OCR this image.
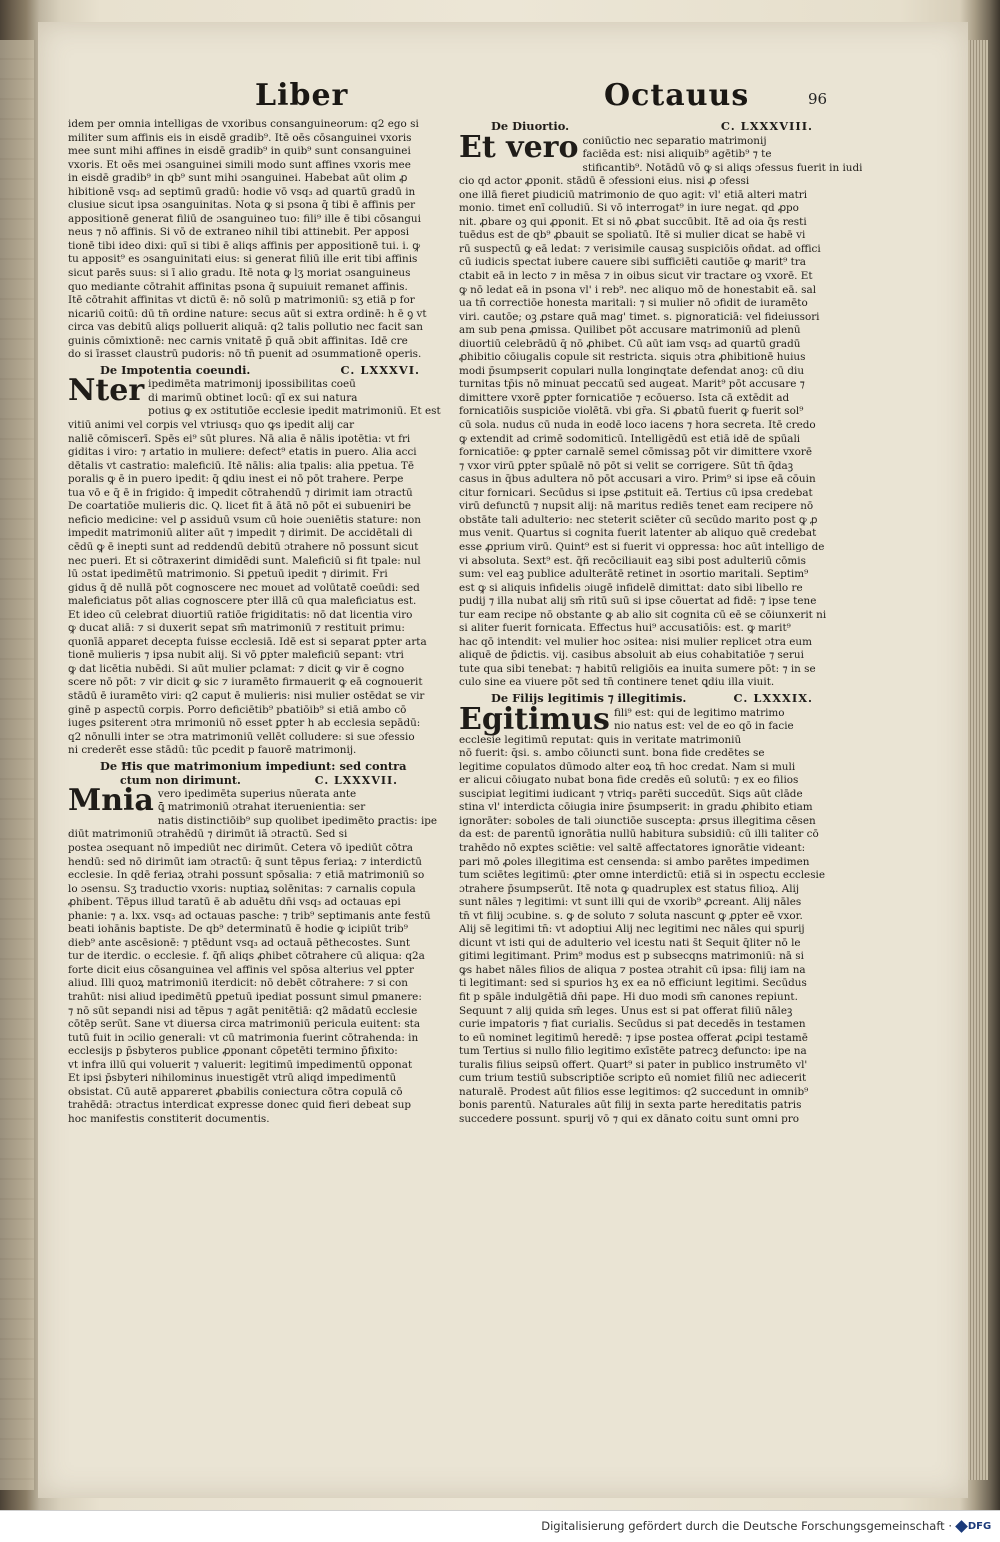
Liber	Octauus	96
idem per omnia intelligas de vxoribus consanguineorum: q2 ego si
militer sum affinis eis in eisdē gradib⁹. Itē oēs cōsanguinei vxoris
mee sunt mihi affines in eisdē gradib⁹ in quib⁹ sunt consanguinei
vxoris. Et oēs mei ɔsanguinei simili modo sunt affines vxoris mee
in eisdē gradib⁹ in qb⁹ sunt mihi ɔsanguinei. Habebat aūt olim ꝓ
hibitionē vsq₃ ad septimū gradū: hodie vō vsq₃ ad quartū gradū in
clusiue sicut ipsa ɔsanguinitas. Nota ꝙ si psona q̄ tibi ē affinis per
appositionē generat filiū de ɔsanguineo tuo: fili⁹ ille ē tibi cōsangui
neus ⁊ nō affinis. Si vō de extraneo nihil tibi attinebit. Per apposi
tionē tibi ideo dixi: quī si tibi ē aliqs affinis per appositionē tui. i. ꝙ
tu apposit⁹ es ɔsanguinitati eius: si generat filiū ille erit tibi affinis
sicut parēs suus: si ī alio gradu. Itē nota ꝙ lʒ moriat̄ ɔsanguineus
quo mediante cōtrahit̄ affinitas psona q̄ supuiuit remanet affinis.
Itē cōtrahit̄ affinitas vt dictū ē: nō solū p matrimoniū: sʒ etiā p for
nicariū coitū: dū tn̄ ordine nature: secus aūt si extra ordinē: h̄ ē ꝯ vt
circa vas debitū aliqs polluerit aliquā: q2 talis pollutio nec facit san
guinis cōmixtionē: nec carnis vnitatē p̄ quā ɔbit̄ affinitas. Idē cre
do si īrasset claustrū pudoris: nō tn̄ puenit ad ɔsummationē operis.
De Impotentia coeundi.	C. LXXXVI.
Nter ipedimēta matrimonij ipossibilitas coeū
di marimū obtinet locū: qī ex sui natura
potius ꝙ ex ɔstitutiōe ecclesie ipedit matrimoniū. Et est
vitiū animi vel corpis vel vtriusq₃ quo ꝙs ipedit̄ alij car
naliē cōmiscerī. Spēs ei⁹ sūt plures. Nā alia ē nālis ipotētia: vt fri
giditas i viro: ⁊ artatio in muliere: defect⁹ etatis in puero. Alia acci
dētalis vt castratio: maleficiū. Itē nālis: alia tpalis: alia ppetua. Tē
poralis ꝙ ē in puero ipedit: q̄ ꝗdiu inest ei nō pōt trahere. Perpe
tua vō e q̄ ē in frigido: q̄ impedit cōtrahendū ⁊ dirimit iam ɔtractū
De coartatiōe mulieris dic. Q. licet fit ā ātā nō pōt ei subueniri be
neficio medicine: vel ꝑ assiduū vsum cū hoie ɔueniētis stature: non
impedit matrimoniū aliter aūt ⁊ impedit ⁊ dirimit. De accidētali di
cēdū ꝙ ē inepti sunt ad reddendū debitū ɔtrahere nō possunt sicut
nec pueri. Et si cōtraxerint dimidēdi sunt. Maleficiū si fit tpale: nul
lū ɔstat ipedimētū matrimonio. Si ꝑpetuū ipedit ⁊ dirimit. Fri
gidus q̄ dē nullā pōt cognoscere nec mouet ad volūtatē coeūdi: sed
maleficiatus pōt alias cognoscere pter illā cū qua maleficiatus est.
Et ideo cū celebrat̄ diuortiū ratiōe frigiditatis: nō dat licentia viro
ꝙ ducat aliā: ⁊ si duxerit sepat̄ sm̄ matrimoniū ⁊ restituit̄ primu:
quonīā apparet decepta fuisse ecclesiā. Idē est si separat̄ ꝑpter arta
tionē mulieris ⁊ ipsa nubit alij. Si vō ꝑpter maleficiū sepant̄: vtri
ꝙ dat̄ licētia nubēdi. Si aūt mulier pclamat: ⁊ dicit ꝙ vir ē cogno
scere nō pōt: ⁊ vir dicit ꝙ sic ⁊ iuramēto firmauerit ꝙ eā cognouerit
stādū ē iuramēto viri: q2 caput ē mulieris: nisi mulier ostēdat se vir
ginē p aspectū corpis. Porro deficiētib⁹ pbatiōib⁹ si etiā ambo cō
iuges ꝑsiterent ɔtra mrimoniū nō esset ꝑpter h̄ ab ecclesia sepādū:
q2 nōnulli inter se ɔtra matrimoniū vellēt colludere: si sue ɔfessio
ni crederēt esse stādū: tūc pcedit̄ p fauorē matrimonij.
De Ħis que matrimonium impediunt: sed contra
ctum non dirimunt.	C. LXXXVII.
Mnia vero ipedimēta superius nūerata ante
ꝗ̄ matrimoniū ɔtrahat̄ iteruenientia: ser
natis distinctiōib⁹ sup quolibet ipedimēto ꝑractis: ipe
diūt matrimoniū ɔtrahēdū ⁊ dirimūt iā ɔtractū. Sed si
postea ɔsequant̄ nō impediūt nec dirimūt. Cetera vō ipediūt cōtra
hendū: sed nō dirimūt iam ɔtractū: q̄ sunt tēpus feriaꝝ: ⁊ interdictū
ecclesie. In qdē feriaꝝ ɔtrahi possunt spōsalia: ⁊ etiā matrimoniū so
lo ɔsensu. Sʒ traductio vxoris: nuptiaꝝ solēnitas: ⁊ carnalis copula
ꝓhibent̄. Tēpus illud taratū ē ab aduētu dn̄i vsq₃ ad octauas epi
phanie: ⁊ a. lxx. vsq₃ ad octauas pasche: ⁊ trib⁹ septimanis ante festū
beati iohānis baptiste. De qb⁹ determinatū ē hodie ꝙ icipiūt trib⁹
dieb⁹ ante ascēsionē: ⁊ ptēdunt̄ vsq₃ ad octauā pēthecostes. Sunt
tur de iterdic. o ecclesie. f. q̄ñ aliqs ꝓhibet cōtrahere cū aliqua: q2a
forte dicit eius cōsanguinea vel affinis vel spōsa alterius vel ꝑpter
aliud. Illi quoꝝ matrimoniū iterdicit̄: nō debēt cōtrahere: ⁊ si con
trahūt: nisi aliud ipedimētū ꝑpetuū ipediat possunt simul ꝑmanere:
⁊ nō sūt sepandi nisi ad tēpus ⁊ agāt penitētiā: q2 mādatū ecclesie
cōtēp serūt. Sane vt diuersa circa matrimoniū pericula euitent̄: sta
tutū fuit in ɔcilio generali: vt cū matrimonia fuerint cōtrahenda: in
ecclesijs p p̄sbyteros publice ꝓponant̄ cōpetēti termino p̄fixito:
vt infra illū qui voluerit ⁊ valuerit: legitimū impedimentū opponat
Et ipsi p̄sbyteri nihilominus inuestigēt vtrū aliqd impedimentū
obsistat. Cū autē appareret ꝓbabilis coniectura cōtra copulā cō
trahēdā: ɔtractus interdicat̄ expresse donec quid fieri debeat sup
hoc manifestis constiterit documentis.
De Diuortio.	C. LXXXVIII.
Et vero coniūctio nec separatio matrimonij
faciēda est: nisi aliquib⁹ agētib⁹ ⁊ te
stificantib⁹. Notādū vō ꝙ si aliqs ɔfessus fuerit in iudi
cio qd̄ actor ꝓponit. stādū ē ɔfessioni eius. nisi ꝓ ɔfessi
one illā fieret ꝑiudiciū matrimonio de quo agit̄: vl' etiā alteri matri
monio. timet̄ enī colludiū. Si vō interrogat⁹ in iure negat. qd̄ ꝓpo
nit. ꝓbare oꝫ qui ꝓponit. Et si nō ꝓbat succūbit. Itē ad oia q̄s resti
tuēdus est de qb⁹ ꝓbauit se spoliatū. Itē si mulier dicat se habē vi
rū suspectū ꝙ eā ledat: ⁊ verisimile causaꝫ suspiciōis oñdat. ad offici
cū iudicis spectat iubere cauere sibi sufficiēti cautiōe ꝙ marit⁹ tra
ctabit eā in lecto ⁊ in mēsa ⁊ in oibus sicut vir tractare oꝫ vxorē. Et
ꝙ nō ledat eā in psona vl' i reb⁹. nec aliquo mō de honestabit eā. sal
ua tn̄ correctiōe honesta maritali: ⁊ si mulier nō ɔfidit de iuramēto
viri. cautōe; oꝫ ꝓstare quā mag' timet. s. pignoraticiā: vel fideiussori
am sub pena ꝓmissa. Quilibet pōt accusare matrimoniū ad plenū
diuortiū celebrādū q̄ nō ꝓhibet̄. Cū aūt iam vsq₃ ad quartū gradū
ꝓhibitio cōiugalis copule sit restricta. siquis ɔtra ꝓhibitionē huius
modi p̄sumpserit copulari nulla longinqtate defendat̄ anoꝫ: cū diu
turnitas tp̄is nō minuat peccatū sed augeat. Marit⁹ pōt accusare ⁊
dimittere vxorē ꝑpter fornicatiōe ⁊ ecōuerso. Ista cā extēdit ad
fornicatiōis suspiciōe violētā. vbi gr̄a. Si ꝓbatū fuerit ꝙ fuerit sol⁹
cū sola. nudus cū nuda in eodē loco iacens ⁊ hora secreta. Itē credo
ꝙ extendit ad crimē sodomiticū. Intelligēdū est etiā idē de spūali
fornicatiōe: ꝙ ꝑpter carnalē semel cōmissaꝫ pōt vir dimittere vxorē
⁊ vxor virū ꝑpter spūalē nō pōt si velit se corrigere. Sūt tn̄ q̄daꝫ
casus in q̄bus adultera nō pōt accusari a viro. Prim⁹ si ipse eā cōuin
citur fornicari. Secūdus si ipse ꝓstituit eā. Tertius cū ipsa credebat
virū defunctū ⁊ nupsit alij: nā maritus rediēs tenet̄ eam recipere nō
obstāte tali adulterio: nec steterit sciēter cū secūdo marito post ꝙ ꝓ
mus venit. Quartus si cognita fuerit latenter ab aliquo quē credebat
esse ꝓprium virū. Quint⁹ est si fuerit vi oppressa: hoc aūt intelligo de
vi absoluta. Sext⁹ est. q̄ñ recōciliauit eaꝫ sibi post adulteriū cōmis
sum: vel eaꝫ publice adulterātē retinet in ɔsortio maritali. Septim⁹
est ꝙ si aliquis infidelis ɔiugē infidelē dimittat: dato sibi libello re
pudij ⁊ illa nubat alij sm̄ ritū suū si ipse cōuertat̄ ad fidē: ⁊ ipse tene
tur eam recipe nō obstante ꝙ ab alio sit cognita cū eē se cōiunxerit ni
si aliter fuerit fornicata. Effectus hui⁹ accusatiōis: est. ꝙ marit⁹
hac qō intendit: vel mulier hoc ɔsitea: nisi mulier replicet ɔtra eum
aliquē de p̄dictis. vij. casibus absoluit̄ ab eius cohabitatiōe ⁊ serui
tute qua sibi tenebat̄: ⁊ habitū religiōis ea inuita sumere pōt: ⁊ in se
culo sine ea viuere pōt sed tn̄ continere tenet̄ ꝗdiu illa viuit.
De Filijs legitimis ⁊ illegitimis.	C. LXXXIX.
Egitimus fili⁹ est: qui de legitimo matrimo
nio natus est: vel de eo qō in facie
ecclesie legitimū reputat̄: ꝗuis in veritate matrimoniū
nō fuerit: q̄si. s. ambo cōiuncti sunt. bona fide credētes se
legitime copulatos dūmodo alter eoꝝ tn̄ hoc credat. Nam si muli
er alicui cōiugato nubat bona fide credēs eū solutū: ⁊ ex eo filios
suscipiat legitimi iudicant̄ ⁊ vtriq₃ parēti succedūt. Siqs aūt clāde
stina vl' interdicta cōiugia inire p̄sumpserit: in gradu ꝓhibito etiam
ignorāter: soboles de tali ɔiunctiōe suscepta: ꝓrsus illegitima cēsen
da est: de parentū ignorātia nullū habitura subsidiū: cū illi taliter cō
trahēdo nō exptes sciētie: vel saltē affectatores ignorātie videant̄:
pari mō ꝓoles illegitima est censenda: si ambo parētes impedimen
tum sciētes legitimū: ꝓter omne interdictū: etiā si in ɔspectu ecclesie
ɔtrahere p̄sumpserūt. Itē nota ꝙ quadruplex est status filioꝝ. Alij
sunt nāles ⁊ legitimi: vt sunt illi qui de vxorib⁹ ꝓcreant̄. Alij nāles
tn̄ vt filij ɔcubine. s. ꝙ de soluto ⁊ soluta nascunt̄ ꝙ ꝓpter eē vxor.
Alij sē legitimi tn̄: vt adoptiui Alij nec legitimi nec nāles qui spurij
dicunt̄ vt isti qui de adulterio vel icestu nati s̄t Sequit̄ q̄liter nō le
gitimi legitimant̄. Prim⁹ modus est p subsecqns matrimoniū: nā si
ꝙs habet nāles filios de aliqua ⁊ postea ɔtrahit cū ipsa: filij iam na
ti legitimant̄: sed si spurios hʒ ex ea nō efficiunt̄ legitimi. Secūdus
fit p spāle indulgētiā dn̄i pape. Hi duo modi sm̄ canones repiunt̄.
Sequunt̄ ⁊ alij quida sm̄ leges. Unus est si pat offerat filiū nāleꝫ
curie impatoris ⁊ fiat curialis. Secūdus si pat decedēs in testamen
to eū nominet legitimū heredē: ⁊ ipse postea offerat ꝓcipi testamē
tum Tertius si nullo filio legitimo exīstēte patrecꝫ defuncto: ipe na
turalis filius seipsū offert. Quart⁹ si pater in publico instrumēto vl'
cum trium testiū subscriptiōe scripto eū nomiet filiū nec adiecerit
naturalē. Prodest aūt filios esse legitimos: q2 succedunt in omnib⁹
bonis parentū. Naturales aūt filij in sexta parte hereditatis patris
succedere possunt. spurij vō ⁊ qui ex dānato coitu sunt omni pro
Digitalisierung gefördert durch die Deutsche Forschungsgemeinschaft · DFG
